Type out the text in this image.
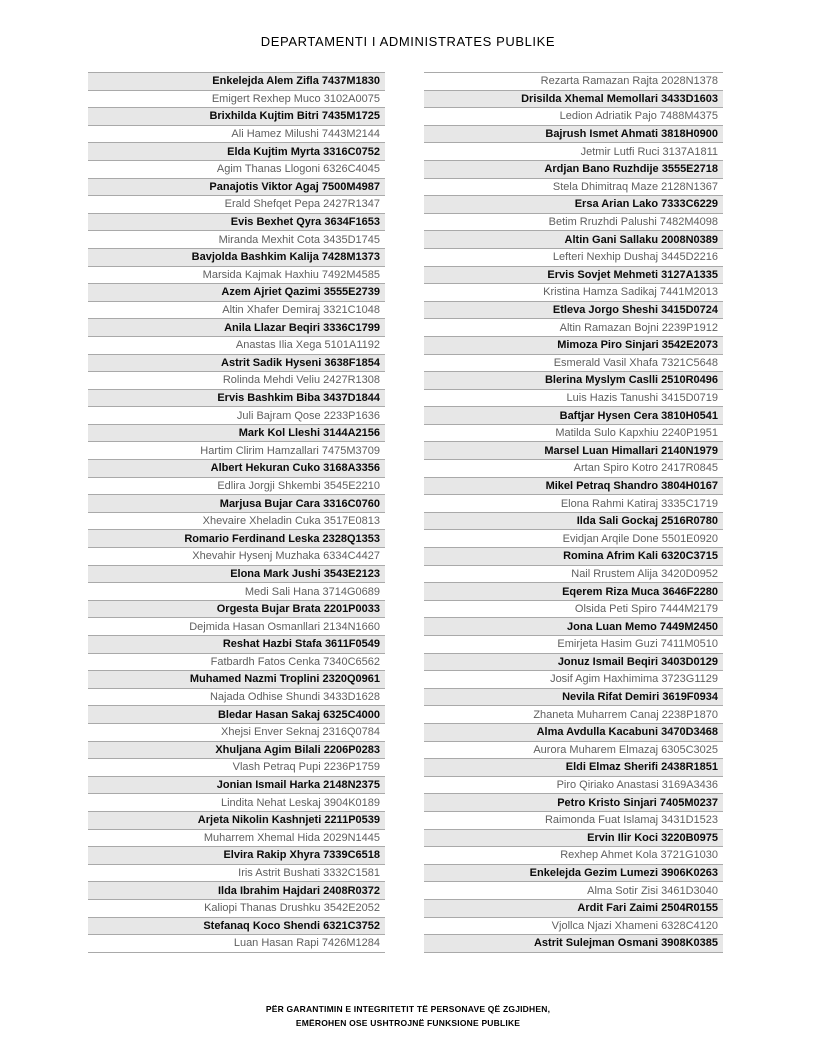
DEPARTAMENTI I ADMINISTRATES PUBLIKE
Enkelejda Alem Zifla 7437M1830
Emigert Rexhep Muco 3102A0075
Brixhilda Kujtim Bitri 7435M1725
Ali Hamez Milushi 7443M2144
Elda Kujtim Myrta 3316C0752
Agim Thanas Llogoni 6326C4045
Panajotis Viktor Agaj 7500M4987
Erald Shefqet Pepa 2427R1347
Evis Bexhet Qyra 3634F1653
Miranda Mexhit Cota 3435D1745
Bavjolda Bashkim Kalija 7428M1373
Marsida Kajmak Haxhiu 7492M4585
Azem Ajriet Qazimi 3555E2739
Altin Xhafer Demiraj 3321C1048
Anila Llazar Beqiri 3336C1799
Anastas Ilia Xega 5101A1192
Astrit Sadik Hyseni 3638F1854
Rolinda Mehdi Veliu 2427R1308
Ervis Bashkim Biba 3437D1844
Juli Bajram Qose 2233P1636
Mark Kol Lleshi 3144A2156
Hartim Clirim Hamzallari 7475M3709
Albert Hekuran Cuko 3168A3356
Edlira Jorgji Shkembi 3545E2210
Marjusa Bujar Cara 3316C0760
Xhevaire Xheladin Cuka 3517E0813
Romario Ferdinand Leska 2328Q1353
Xhevahir Hysenj Muzhaka 6334C4427
Elona Mark Jushi 3543E2123
Medi Sali Hana 3714G0689
Orgesta Bujar Brata 2201P0033
Dejmida Hasan Osmanllari 2134N1660
Reshat Hazbi Stafa 3611F0549
Fatbardh Fatos Cenka 7340C6562
Muhamed Nazmi Troplini 2320Q0961
Najada Odhise Shundi 3433D1628
Bledar Hasan Sakaj 6325C4000
Xhejsi Enver Seknaj 2316Q0784
Xhuljana Agim Bilali 2206P0283
Vlash Petraq Pupi 2236P1759
Jonian Ismail Harka 2148N2375
Lindita Nehat Leskaj 3904K0189
Arjeta Nikolin Kashnjeti 2211P0539
Muharrem Xhemal Hida 2029N1445
Elvira Rakip Xhyra 7339C6518
Iris Astrit Bushati 3332C1581
Ilda Ibrahim Hajdari 2408R0372
Kaliopi Thanas Drushku 3542E2052
Stefanaq Koco Shendi 6321C3752
Luan Hasan Rapi 7426M1284
Rezarta Ramazan Rajta 2028N1378
Drisilda Xhemal Memollari 3433D1603
Ledion Adriatik Pajo 7488M4375
Bajrush Ismet Ahmati 3818H0900
Jetmir Lutfi Ruci 3137A1811
Ardjan Bano Ruzhdije 3555E2718
Stela Dhimitraq Maze 2128N1367
Ersa Arian Lako 7333C6229
Betim Rruzhdi Palushi 7482M4098
Altin Gani Sallaku 2008N0389
Lefteri Nexhip Dushaj 3445D2216
Ervis Sovjet Mehmeti 3127A1335
Kristina Hamza Sadikaj 7441M2013
Etleva Jorgo Sheshi 3415D0724
Altin Ramazan Bojni 2239P1912
Mimoza Piro Sinjari 3542E2073
Esmerald Vasil Xhafa 7321C5648
Blerina Myslym Caslli 2510R0496
Luis Hazis Tanushi 3415D0719
Baftjar Hysen Cera 3810H0541
Matilda Sulo Kapxhiu 2240P1951
Marsel Luan Himallari 2140N1979
Artan Spiro Kotro 2417R0845
Mikel Petraq Shandro 3804H0167
Elona Rahmi Katiraj 3335C1719
Ilda Sali Gockaj 2516R0780
Evidjan Arqile Done 5501E0920
Romina Afrim Kali 6320C3715
Nail Rrustem Alija 3420D0952
Eqerem Riza Muca 3646F2280
Olsida Peti Spiro 7444M2179
Jona Luan Memo 7449M2450
Emirjeta Hasim Guzi 7411M0510
Jonuz Ismail Beqiri 3403D0129
Josif Agim Haxhimima 3723G1129
Nevila Rifat Demiri 3619F0934
Zhaneta Muharrem Canaj 2238P1870
Alma Avdulla Kacabuni 3470D3468
Aurora Muharem Elmazaj 6305C3025
Eldi Elmaz Sherifi 2438R1851
Piro Qiriako Anastasi 3169A3436
Petro Kristo Sinjari 7405M0237
Raimonda Fuat Islamaj 3431D1523
Ervin Ilir Koci 3220B0975
Rexhep Ahmet Kola 3721G1030
Enkelejda Gezim Lumezi 3906K0263
Alma Sotir Zisi 3461D3040
Ardit Fari Zaimi 2504R0155
Vjollca Njazi Xhameni 6328C4120
Astrit Sulejman Osmani 3908K0385
PËR GARANTIMIN E INTEGRITETIT TË PERSONAVE QË ZGJIDHEN,
EMËROHEN OSE USHTROJNË FUNKSIONE PUBLIKE
